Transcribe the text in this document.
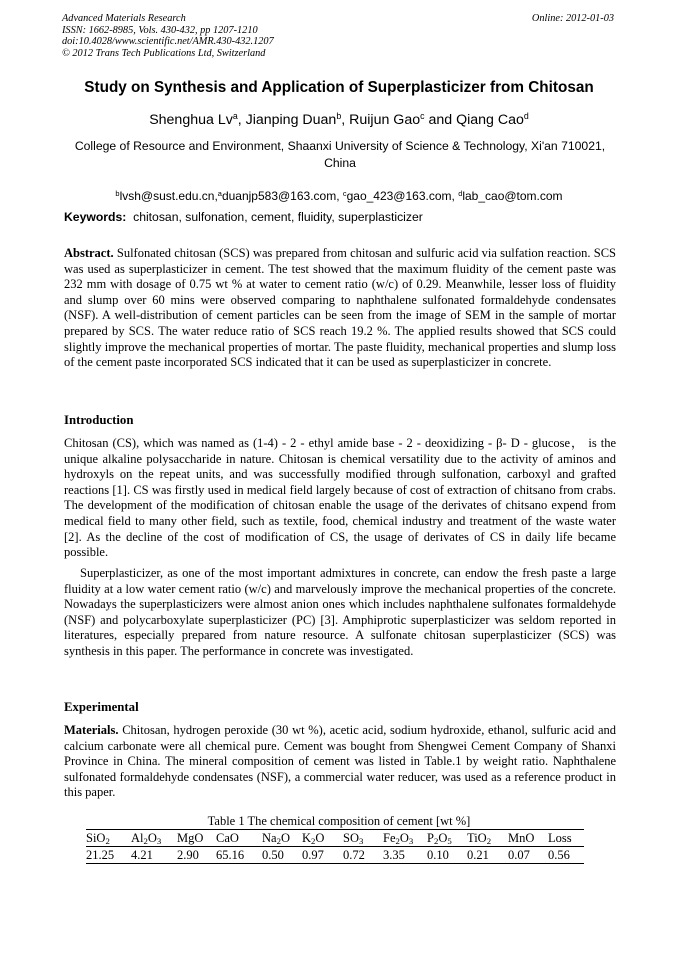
Advanced Materials Research
ISSN: 1662-8985, Vols. 430-432, pp 1207-1210
doi:10.4028/www.scientific.net/AMR.430-432.1207
© 2012 Trans Tech Publications Ltd, Switzerland
Online: 2012-01-03
Study on Synthesis and Application of Superplasticizer from Chitosan
Shenghua Lv$^a$, Jianping Duan$^b$, Ruijun Gao$^c$ and Qiang Cao$^d$
College of Resource and Environment, Shaanxi University of Science & Technology, Xi'an 710021, China

$^b$lvsh@sust.edu.cn,$^a$duanjp583@163.com, $^c$gao_423@163.com, $^d$lab_cao@tom.com

Keywords: chitosan, sulfonation, cement, fluidity, superplasticizer

Abstract. Sulfonated chitosan (SCS) was prepared from chitosan and sulfuric acid via sulfation reaction. SCS was used as superplasticizer in cement. The test showed that the maximum fluidity of the cement paste was 232 mm with dosage of 0.75 wt % at water to cement ratio (w/c) of 0.29. Meanwhile, lesser loss of fluidity and slump over 60 mins were observed comparing to naphthalene sulfonated formaldehyde condensates (NSF). A well-distribution of cement particles can be seen from the image of SEM in the sample of mortar prepared by SCS. The water reduce ratio of SCS reach 19.2 %. The applied results showed that SCS could slightly improve the mechanical properties of mortar. The paste fluidity, mechanical properties and slump loss of the cement paste incorporated SCS indicated that it can be used as superplasticizer in concrete.

Introduction

Chitosan (CS), which was named as (1-4) - 2 - ethyl amide base - 2 - deoxidizing - β- D - glucose， is the unique alkaline polysaccharide in nature. Chitosan is chemical versatility due to the activity of aminos and hydroxyls on the repeat units, and was successfully modified through sulfonation, carboxyl and grafted reactions [1]. CS was firstly used in medical field largely because of cost of extraction of chitsano from crabs. The development of the modification of chitosan enable the usage of the derivates of chitsano expend from medical field to many other field, such as textile, food, chemical industry and treatment of the waste water [2]. As the decline of the cost of modification of CS, the usage of derivates of CS in daily life became possible.

Superplasticizer, as one of the most important admixtures in concrete, can endow the fresh paste a large fluidity at a low water cement ratio (w/c) and marvelously improve the mechanical properties of the concrete. Nowadays the superplasticizers were almost anion ones which includes naphthalene sulfonates formaldehyde (NSF) and polycarboxylate superplasticizer (PC) [3]. Amphiprotic superplasticizer was seldom reported in literatures, especially prepared from nature resource. A sulfonate chitosan superplasticizer (SCS) was synthesis in this paper. The performance in concrete was investigated.

Experimental

Materials. Chitosan, hydrogen peroxide (30 wt %), acetic acid, sodium hydroxide, ethanol, sulfuric acid and calcium carbonate were all chemical pure. Cement was bought from Shengwei Cement Company of Shanxi Province in China. The mineral composition of cement was listed in Table.1 by weight ratio. Naphthalene sulfonated formaldehyde condensates (NSF), a commercial water reducer, was used as a reference product in this paper.

Table 1 The chemical composition of cement [wt %]
SiO$_2$	$Al_2O_3$	MgO	CaO	$Na_2O$	$K_2O$	$SO_3$	$Fe_2O_3$	$P_2O_5$	TiO$_2$	MnO	Loss
21.25	4.21	2.90	65.16	0.50	0.97	0.72	3.35	0.10	0.21	0.07	0.56
